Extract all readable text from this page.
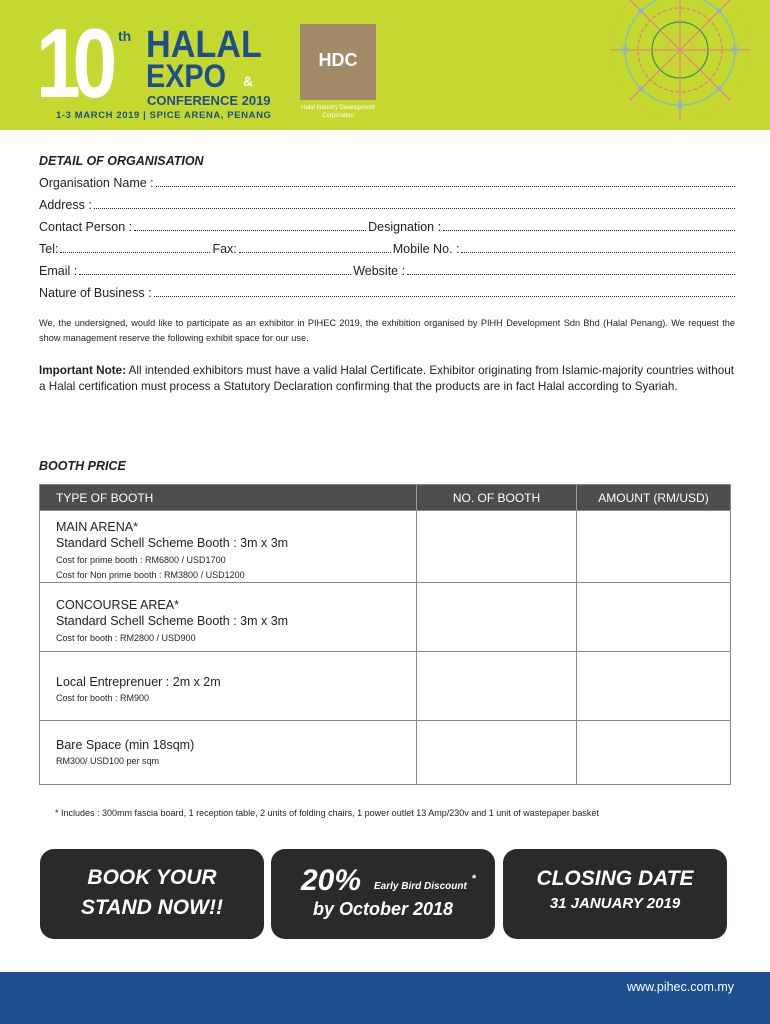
10 th HALAL
EXPO &
CONFERENCE 2019
1-3 MARCH 2019 | SPICE ARENA, PENANG
HDC
Halal Industry Development Corporation
DETAIL OF ORGANISATION
Organisation Name :
Address :
Contact Person :	Designation :
Tel:	Fax:	Mobile No. :
Email :	Website :
Nature of Business :
We, the undersigned, would like to participate as an exhibitor in PIHEC 2019, the exhibition organised by PIHH Development Sdn Bhd (Halal Penang). We request the show management reserve the following exhibit space for our use.
Important Note: All intended exhibitors must have a valid Halal Certificate. Exhibitor originating from Islamic-majority countries without a Halal certification must process a Statutory Declaration confirming that the products are in fact Halal according to Syariah.
BOOTH PRICE
TYPE OF BOOTH	NO. OF BOOTH	AMOUNT (RM/USD)
MAIN ARENA*
Standard Schell Scheme Booth : 3m x 3m
Cost for prime booth : RM6800 / USD1700
Cost for Non prime booth : RM3800 / USD1200
CONCOURSE AREA*
Standard Schell Scheme Booth : 3m x 3m
Cost for booth : RM2800 / USD900
Local Entreprenuer : 2m x 2m
Cost for booth : RM900
Bare Space (min 18sqm)
RM300/ USD100 per sqm
* Includes : 300mm fascia board, 1 reception table, 2 units of folding chairs, 1 power outlet 13 Amp/230v and 1 unit of wastepaper basket
BOOK YOUR
STAND NOW!!
20% Early Bird Discount
*
by October 2018
CLOSING DATE
31 JANUARY 2019
www.pihec.com.my
